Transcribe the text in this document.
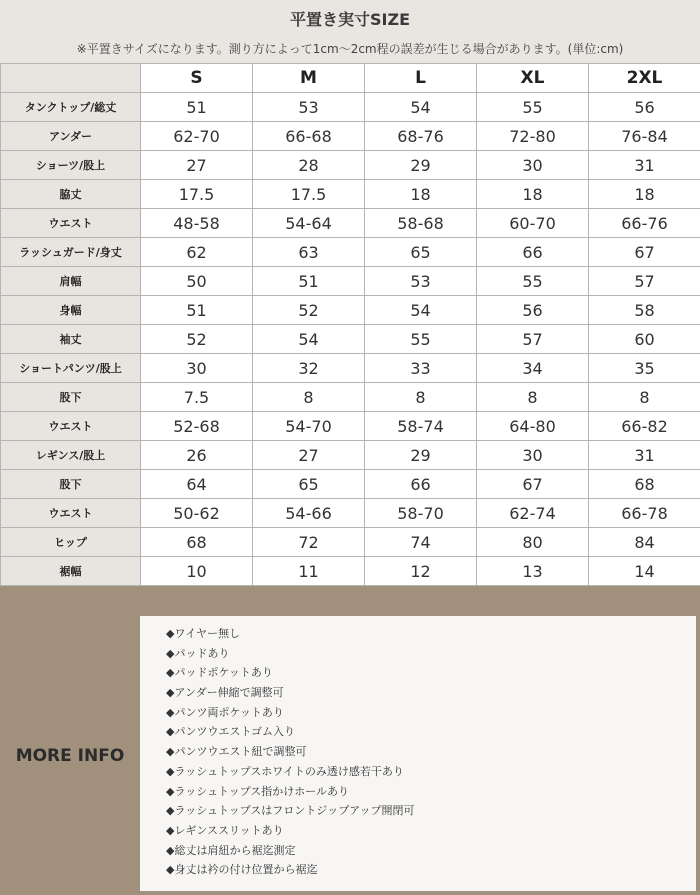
平置き実寸SIZE
※平置きサイズになります。測り方によって1cm～2cm程の誤差が生じる場合があります。(単位:cm)
	S	M	L	XL	2XL
タンクトップ/総丈	51	53	54	55	56
アンダー	62-70	66-68	68-76	72-80	76-84
ショーツ/股上	27	28	29	30	31
脇丈	17.5	17.5	18	18	18
ウエスト	48-58	54-64	58-68	60-70	66-76
ラッシュガード/身丈	62	63	65	66	67
肩幅	50	51	53	55	57
身幅	51	52	54	56	58
袖丈	52	54	55	57	60
ショートパンツ/股上	30	32	33	34	35
股下	7.5	8	8	8	8
ウエスト	52-68	54-70	58-74	64-80	66-82
レギンス/股上	26	27	29	30	31
股下	64	65	66	67	68
ウエスト	50-62	54-66	58-70	62-74	66-78
ヒップ	68	72	74	80	84
裾幅	10	11	12	13	14
MORE INFO
◆ワイヤー無し
◆パッドあり
◆パッドポケットあり
◆アンダー伸縮で調整可
◆パンツ両ポケットあり
◆パンツウエストゴム入り
◆パンツウエスト紐で調整可
◆ラッシュトップスホワイトのみ透け感若干あり
◆ラッシュトップス指かけホールあり
◆ラッシュトップスはフロントジップアップ開閉可
◆レギンススリットあり
◆総丈は肩紐から裾迄測定
◆身丈は衿の付け位置から裾迄
